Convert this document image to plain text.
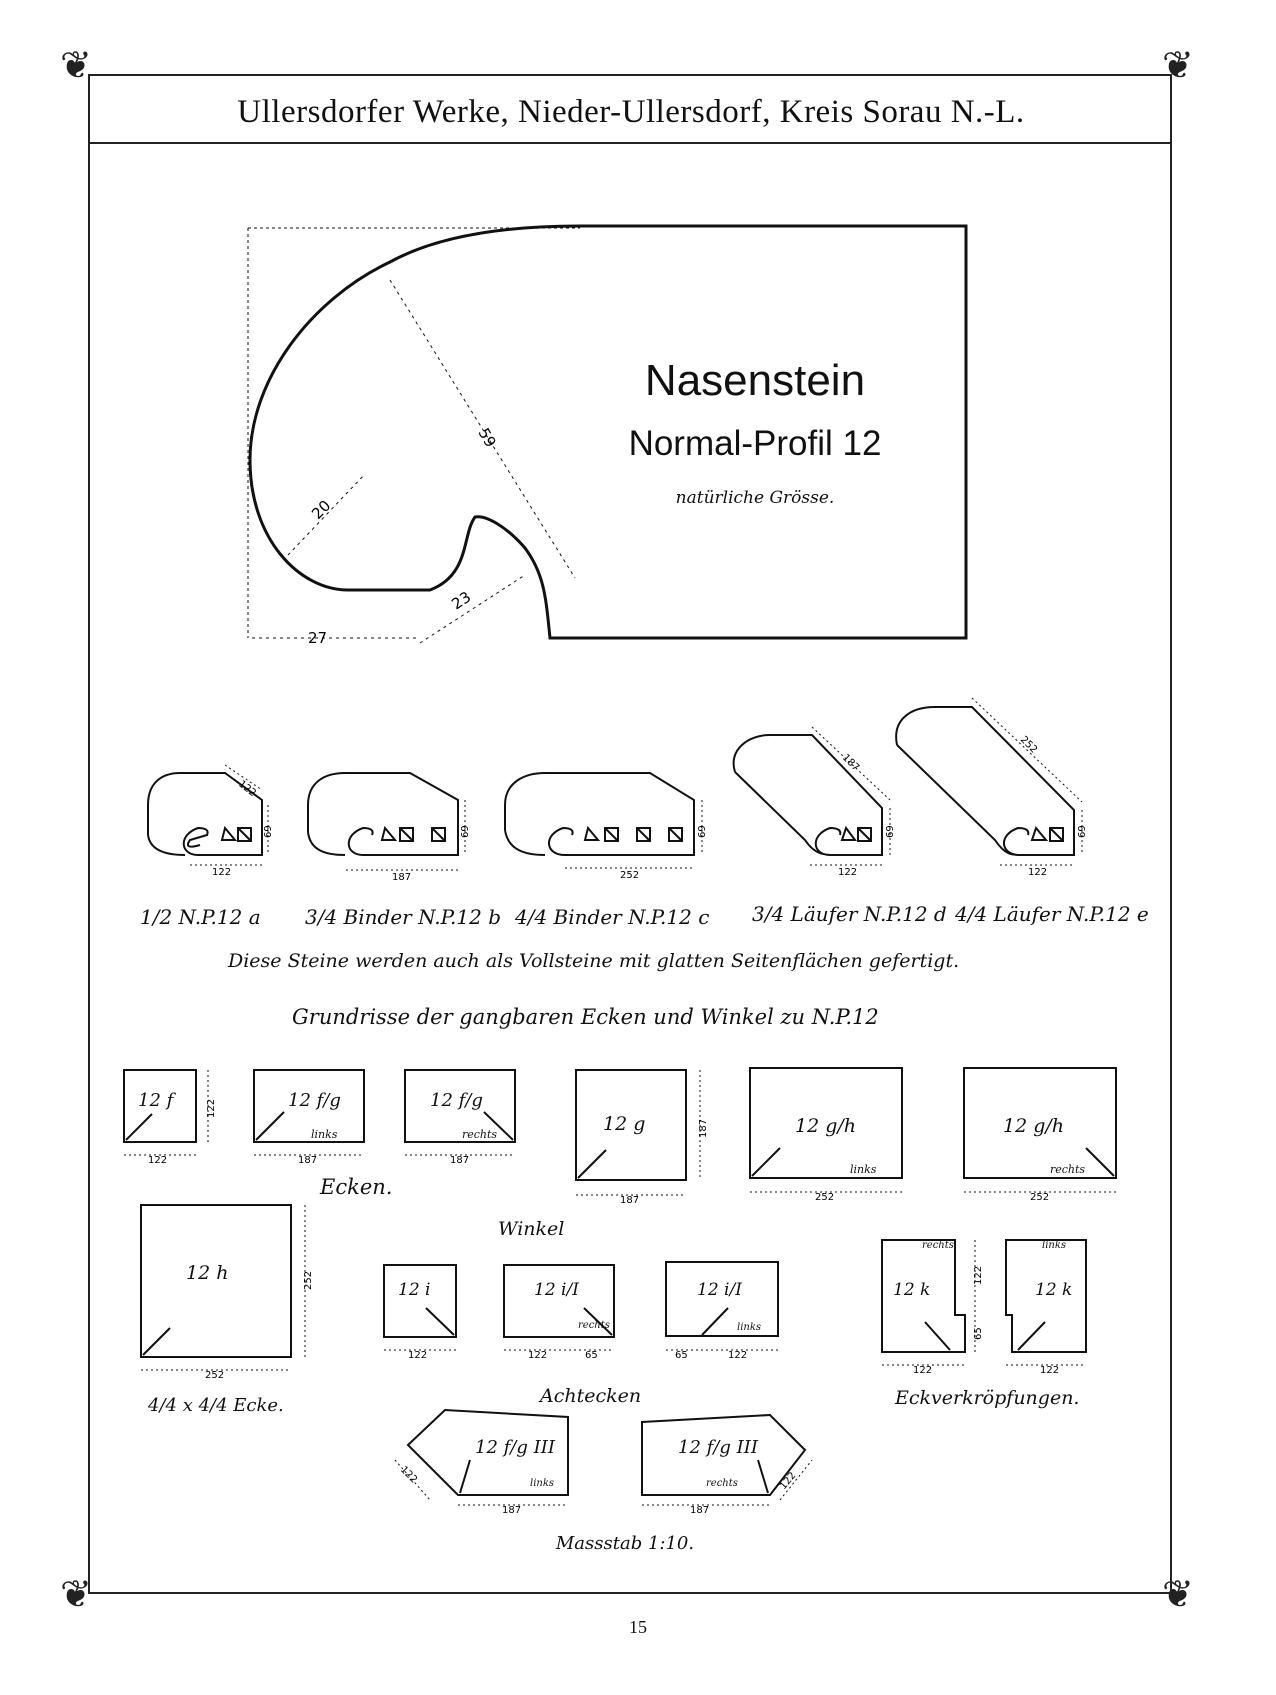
❦	❦
❦	❦
Ullersdorfer Werke, Nieder-Ullersdorf, Kreis Sorau N.-L.
59
20
23
27
Nasenstein
Normal-Profil 12
natürliche Grösse.
122
122
69
187
69
252
69
122
187
69
122
252
69
1/2 N.P.12 a 3/4 Binder N.P.12 b 4/4 Binder N.P.12 c 3/4 Läufer N.P.12 d 4/4 Läufer N.P.12 e
Diese Steine werden auch als Vollsteine mit glatten Seitenflächen gefertigt.
Grundrisse der gangbaren Ecken und Winkel zu N.P.12
122
122
187	187
187
187
252	252
252
252
122	122	65	65	122
122
122
65
122
122
187
122
187
12 f	12 f/g
links
12 f/g
rechts	12 g	12 g/h
links
12 g/h
rechts
Ecken.
12 h
4/4 x 4/4 Ecke.
Winkel
12 i	12 i/I
rechts
12 i/I
links
rechts
12 k
links
12 k
Eckverkröpfungen.
Achtecken
12 f/g III
links
12 f/g III
rechts
Massstab 1:10.
15
